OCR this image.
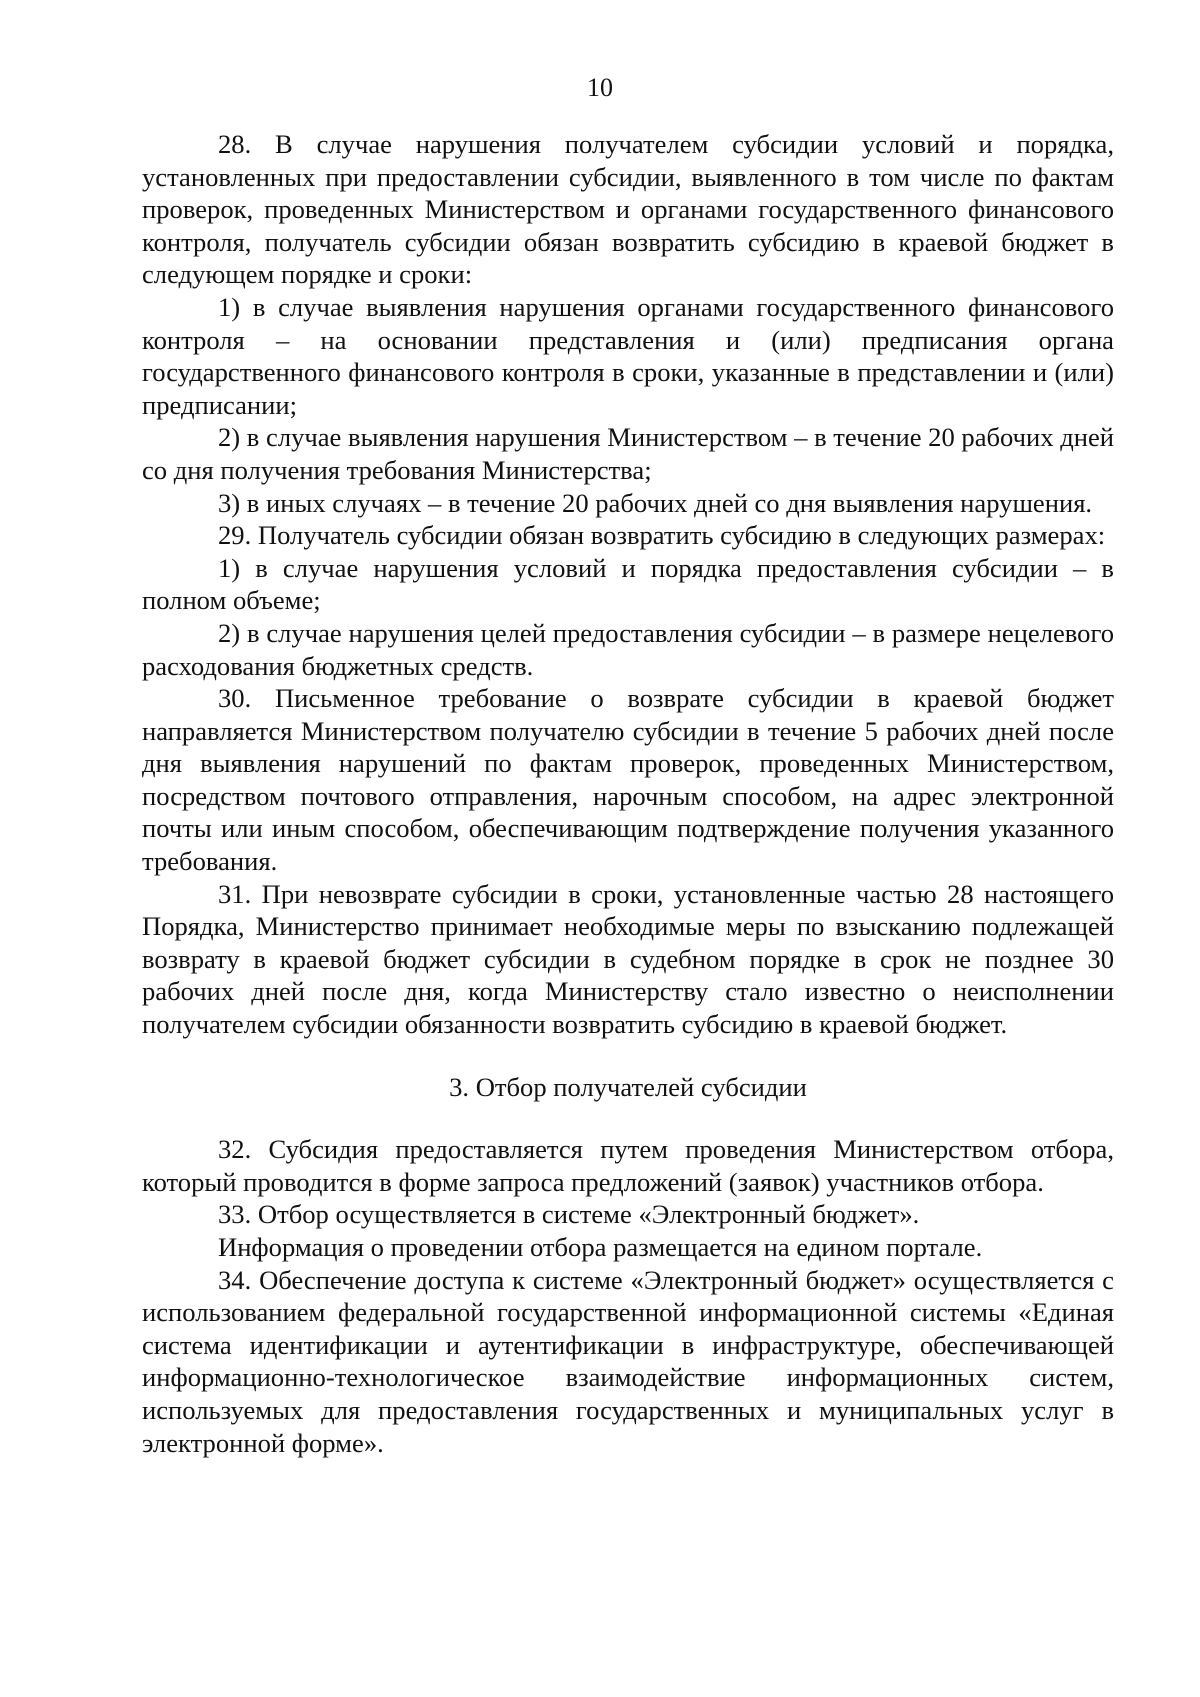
10

28. В случае нарушения получателем субсидии условий и порядка, установленных при предоставлении субсидии, выявленного в том числе по фактам проверок, проведенных Министерством и органами государственного финансового контроля, получатель субсидии обязан возвратить субсидию в краевой бюджет в следующем порядке и сроки:

1) в случае выявления нарушения органами государственного финансового контроля – на основании представления и (или) предписания органа государственного финансового контроля в сроки, указанные в представлении и (или) предписании;

2) в случае выявления нарушения Министерством – в течение 20 рабочих дней со дня получения требования Министерства;

3) в иных случаях – в течение 20 рабочих дней со дня выявления нарушения.

29. Получатель субсидии обязан возвратить субсидию в следующих размерах:

1) в случае нарушения условий и порядка предоставления субсидии – в полном объеме;

2) в случае нарушения целей предоставления субсидии – в размере нецелевого расходования бюджетных средств.

30. Письменное требование о возврате субсидии в краевой бюджет направляется Министерством получателю субсидии в течение 5 рабочих дней после дня выявления нарушений по фактам проверок, проведенных Министерством, посредством почтового отправления, нарочным способом, на адрес электронной почты или иным способом, обеспечивающим подтверждение получения указанного требования.

31. При невозврате субсидии в сроки, установленные частью 28 настоящего Порядка, Министерство принимает необходимые меры по взысканию подлежащей возврату в краевой бюджет субсидии в судебном порядке в срок не позднее 30 рабочих дней после дня, когда Министерству стало известно о неисполнении получателем субсидии обязанности возвратить субсидию в краевой бюджет.

3. Отбор получателей субсидии

32. Субсидия предоставляется путем проведения Министерством отбора, который проводится в форме запроса предложений (заявок) участников отбора.

33. Отбор осуществляется в системе «Электронный бюджет».

Информация о проведении отбора размещается на едином портале.

34. Обеспечение доступа к системе «Электронный бюджет» осуществляется с использованием федеральной государственной информационной системы «Единая система идентификации и аутентификации в инфраструктуре, обеспечивающей информационно-технологическое взаимодействие информационных систем, используемых для предоставления государственных и муниципальных услуг в электронной форме».
